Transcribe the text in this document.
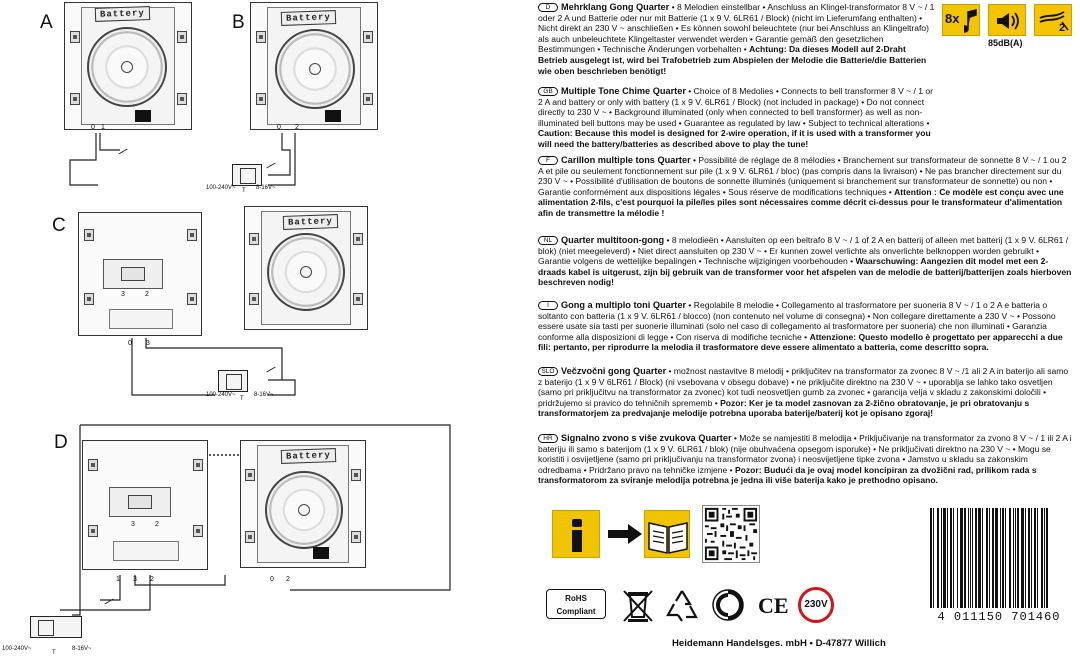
A	B
C
D
Battery
0 1
Battery
0 2
100-240V~ T 8-16V~
3	2
Battery
0 3
100-240V~
T
8-16V~
3	2
Battery
1 3 2	0 2
100-240V~
T
8-16V~
8x
85dB(A)
2
D Mehrklang Gong Quarter • 8 Melodien einstellbar • Anschluss an Klingel-transformator 8 V ~ / 1 oder 2 A und Batterie oder nur mit Batterie (1 x 9 V. 6LR61 / Block) (nicht im Lieferumfang enthalten) • Nicht direkt an 230 V ~ anschließen • Es können sowohl beleuchtete (nur bei Anschluss an Klingeltrafo) als auch unbeleuchtete Klingeltaster verwendet werden • Garantie gemäß den gesetzlichen Bestimmungen • Technische Änderungen vorbehalten • Achtung: Da dieses Modell auf 2-Draht Betrieb ausgelegt ist, wird bei Trafobetrieb zum Abspielen der Melodie die Batterie/die Batterien wie oben beschrieben benötigt!
GB Multiple Tone Chime Quarter • Choice of 8 Medolies • Connects to bell transformer 8 V ~ / 1 or 2 A and battery or only with battery (1 x 9 V. 6LR61 / Block) (not included in package) • Do not connect directly to 230 V ~ • Background illuminated (only when connected to bell transformer) as well as non-illuminated bell buttons may be used • Guarantee as regulated by law • Subject to technical alterations • Caution: Because this model is designed for 2-wire operation, if it is used with a transformer you will need the battery/batteries as described above to play the tune!
F Carillon multiple tons Quarter • Possibilité de réglage de 8 mélodies • Branchement sur transformateur de sonnette 8 V ~ / 1 ou 2 A et pile ou seulement fonctionnement sur pile (1 x 9 V. 6LR61 / bloc) (pas compris dans la livraison) • Ne pas brancher directement sur du 230 V ~ • Possibilité d'utilisation de boutons de sonnette illuminés (uniquement si branchement sur transformateur de sonnette) ou non • Garantie conformément aux dispositions légales • Sous réserve de modifications techniques • Attention : Ce modèle est conçu avec une alimentation 2-fils, c'est pourquoi la pile/les piles sont nécessaires comme décrit ci-dessus pour le transformateur d'alimentation afin de transmettre la mélodie !
NL Quarter multitoon-gong • 8 melodieën • Aansluiten op een beltrafo 8 V ~ / 1 of 2 A en batterij of alleen met batterij (1 x 9 V. 6LR61 / blok) (niet meegeleverd) • Niet direct aansluiten op 230 V ~ • Er kunnen zowel verlichte als onverlichte belknoppen worden gebruikt • Garantie volgens de wettelijke bepalingen • Technische wijzigingen voorbehouden • Waarschuwing: Aangezien dit model met een 2-draads kabel is uitgerust, zijn bij gebruik van de transformer voor het afspelen van de melodie de batterij/batterijen zoals hierboven beschreven nodig!
I Gong a multiplo toni Quarter • Regolabile 8 melodie • Collegamento al trasformatore per suoneria 8 V ~ / 1 o 2 A e batteria o soltanto con batteria (1 x 9 V. 6LR61 / blocco) (non contenuto nel volume di consegna) • Non collegare direttamente a 230 V ~ • Possono essere usate sia tasti per suonerie illuminati (solo nel caso di collegamento al trasformatore per suoneria) che non illuminati • Garanzia conforme alla disposizioni di legge • Con riserva di modifiche tecniche • Attenzione: Questo modello è progettato per apparecchi a due fili: pertanto, per riprodurre la melodia il trasformatore deve essere alimentato a batteria, come descritto sopra.
SLO Večzvočni gong Quarter • možnost nastavitve 8 melodij • priključitev na transformator za zvonec 8 V ~ /1 ali 2 A in baterijo ali samo z baterijo (1 x 9 V 6LR61 / Block) (ni vsebovana v obsegu dobave) • ne priključite direktno na 230 V ~ • uporablja se lahko tako osvetljen (samo pri priključitvu na transformator za zvonec) kot tudi neosvetljen gumb za zvonec • garancija velja v skladu z zakonskimi določili • pridržujemo si pravico do tehničnih sprememb • Pozor: Ker je ta model zasnovan za 2-žično obratovanje, je pri obratovanju s transformatorjem za predvajanje melodije potrebna uporaba baterije/baterij kot je opisano zgoraj!
HR Signalno zvono s više zvukova Quarter • Može se namjestiti 8 melodija • Priključivanje na transformator za zvono 8 V ~ / 1 ili 2 A i bateriju ili samo s baterijom (1 x 9 V. 6LR61 / blok) (nije obuhvaćena opsegom isporuke) • Ne priključivati direktno na 230 V ~ • Mogu se koristiti i osvijetljene (samo pri priključivanju na transformator zvona) i neosvijetljene tipke zvona • Jamstvo u skladu sa zakonskim odredbama • Pridržano pravo na tehničke izmjene • Pozor: Budući da je ovaj model koncipiran za dvožični rad, prilikom rada s transformatorom za sviranje melodija potrebna je jedna ili više baterija kako je prethodno opisano.
4 011150 701460
RoHS
Compliant	CE	230V
Heidemann Handelsges. mbH • D-47877 Willich
